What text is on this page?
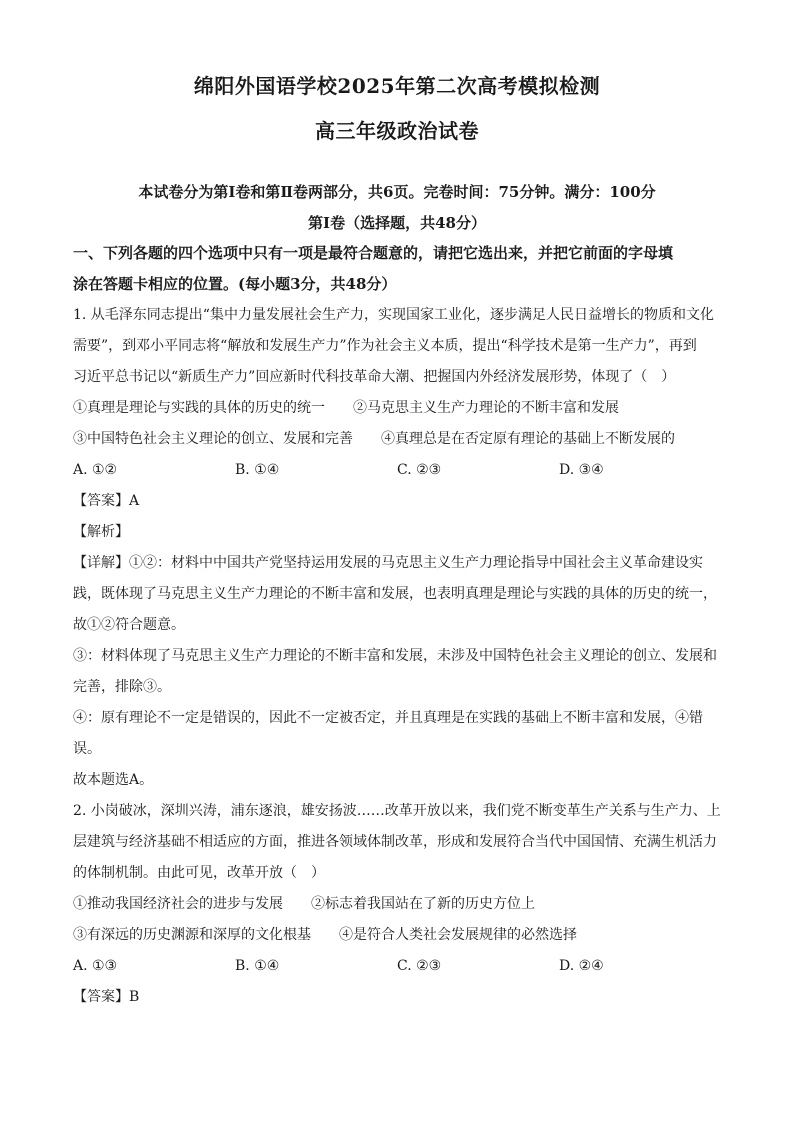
绵阳外国语学校2025年第二次高考模拟检测
高三年级政治试卷
本试卷分为第Ⅰ卷和第Ⅱ卷两部分，共6页。完卷时间：75分钟。满分：100分
第Ⅰ卷（选择题，共48分）
一、下列各题的四个选项中只有一项是最符合题意的，请把它选出来，并把它前面的字母填
涂在答题卡相应的位置。(每小题3分，共48分）
1. 从毛泽东同志提出“集中力量发展社会生产力，实现国家工业化，逐步满足人民日益增长的物质和文化
需要”，到邓小平同志将“解放和发展生产力”作为社会主义本质，提出“科学技术是第一生产力”，再到
习近平总书记以“新质生产力”回应新时代科技革命大潮、把握国内外经济发展形势，体现了（　）
①真理是理论与实践的具体的历史的统一　　②马克思主义生产力理论的不断丰富和发展
③中国特色社会主义理论的创立、发展和完善　　④真理总是在否定原有理论的基础上不断发展的
A. ①②	B. ①④	C. ②③	D. ③④
【答案】A
【解析】
【详解】①②：材料中中国共产党坚持运用发展的马克思主义生产力理论指导中国社会主义革命建设实
践，既体现了马克思主义生产力理论的不断丰富和发展，也表明真理是理论与实践的具体的历史的统一，
故①②符合题意。
③：材料体现了马克思主义生产力理论的不断丰富和发展，未涉及中国特色社会主义理论的创立、发展和
完善，排除③。
④：原有理论不一定是错误的，因此不一定被否定，并且真理是在实践的基础上不断丰富和发展，④错
误。
故本题选A。
2. 小岗破冰，深圳兴涛，浦东逐浪，雄安扬波……改革开放以来，我们党不断变革生产关系与生产力、上
层建筑与经济基础不相适应的方面，推进各领域体制改革，形成和发展符合当代中国国情、充满生机活力
的体制机制。由此可见，改革开放（　）
①推动我国经济社会的进步与发展　　②标志着我国站在了新的历史方位上
③有深远的历史渊源和深厚的文化根基　　④是符合人类社会发展规律的必然选择
A. ①③	B. ①④	C. ②③	D. ②④
【答案】B
